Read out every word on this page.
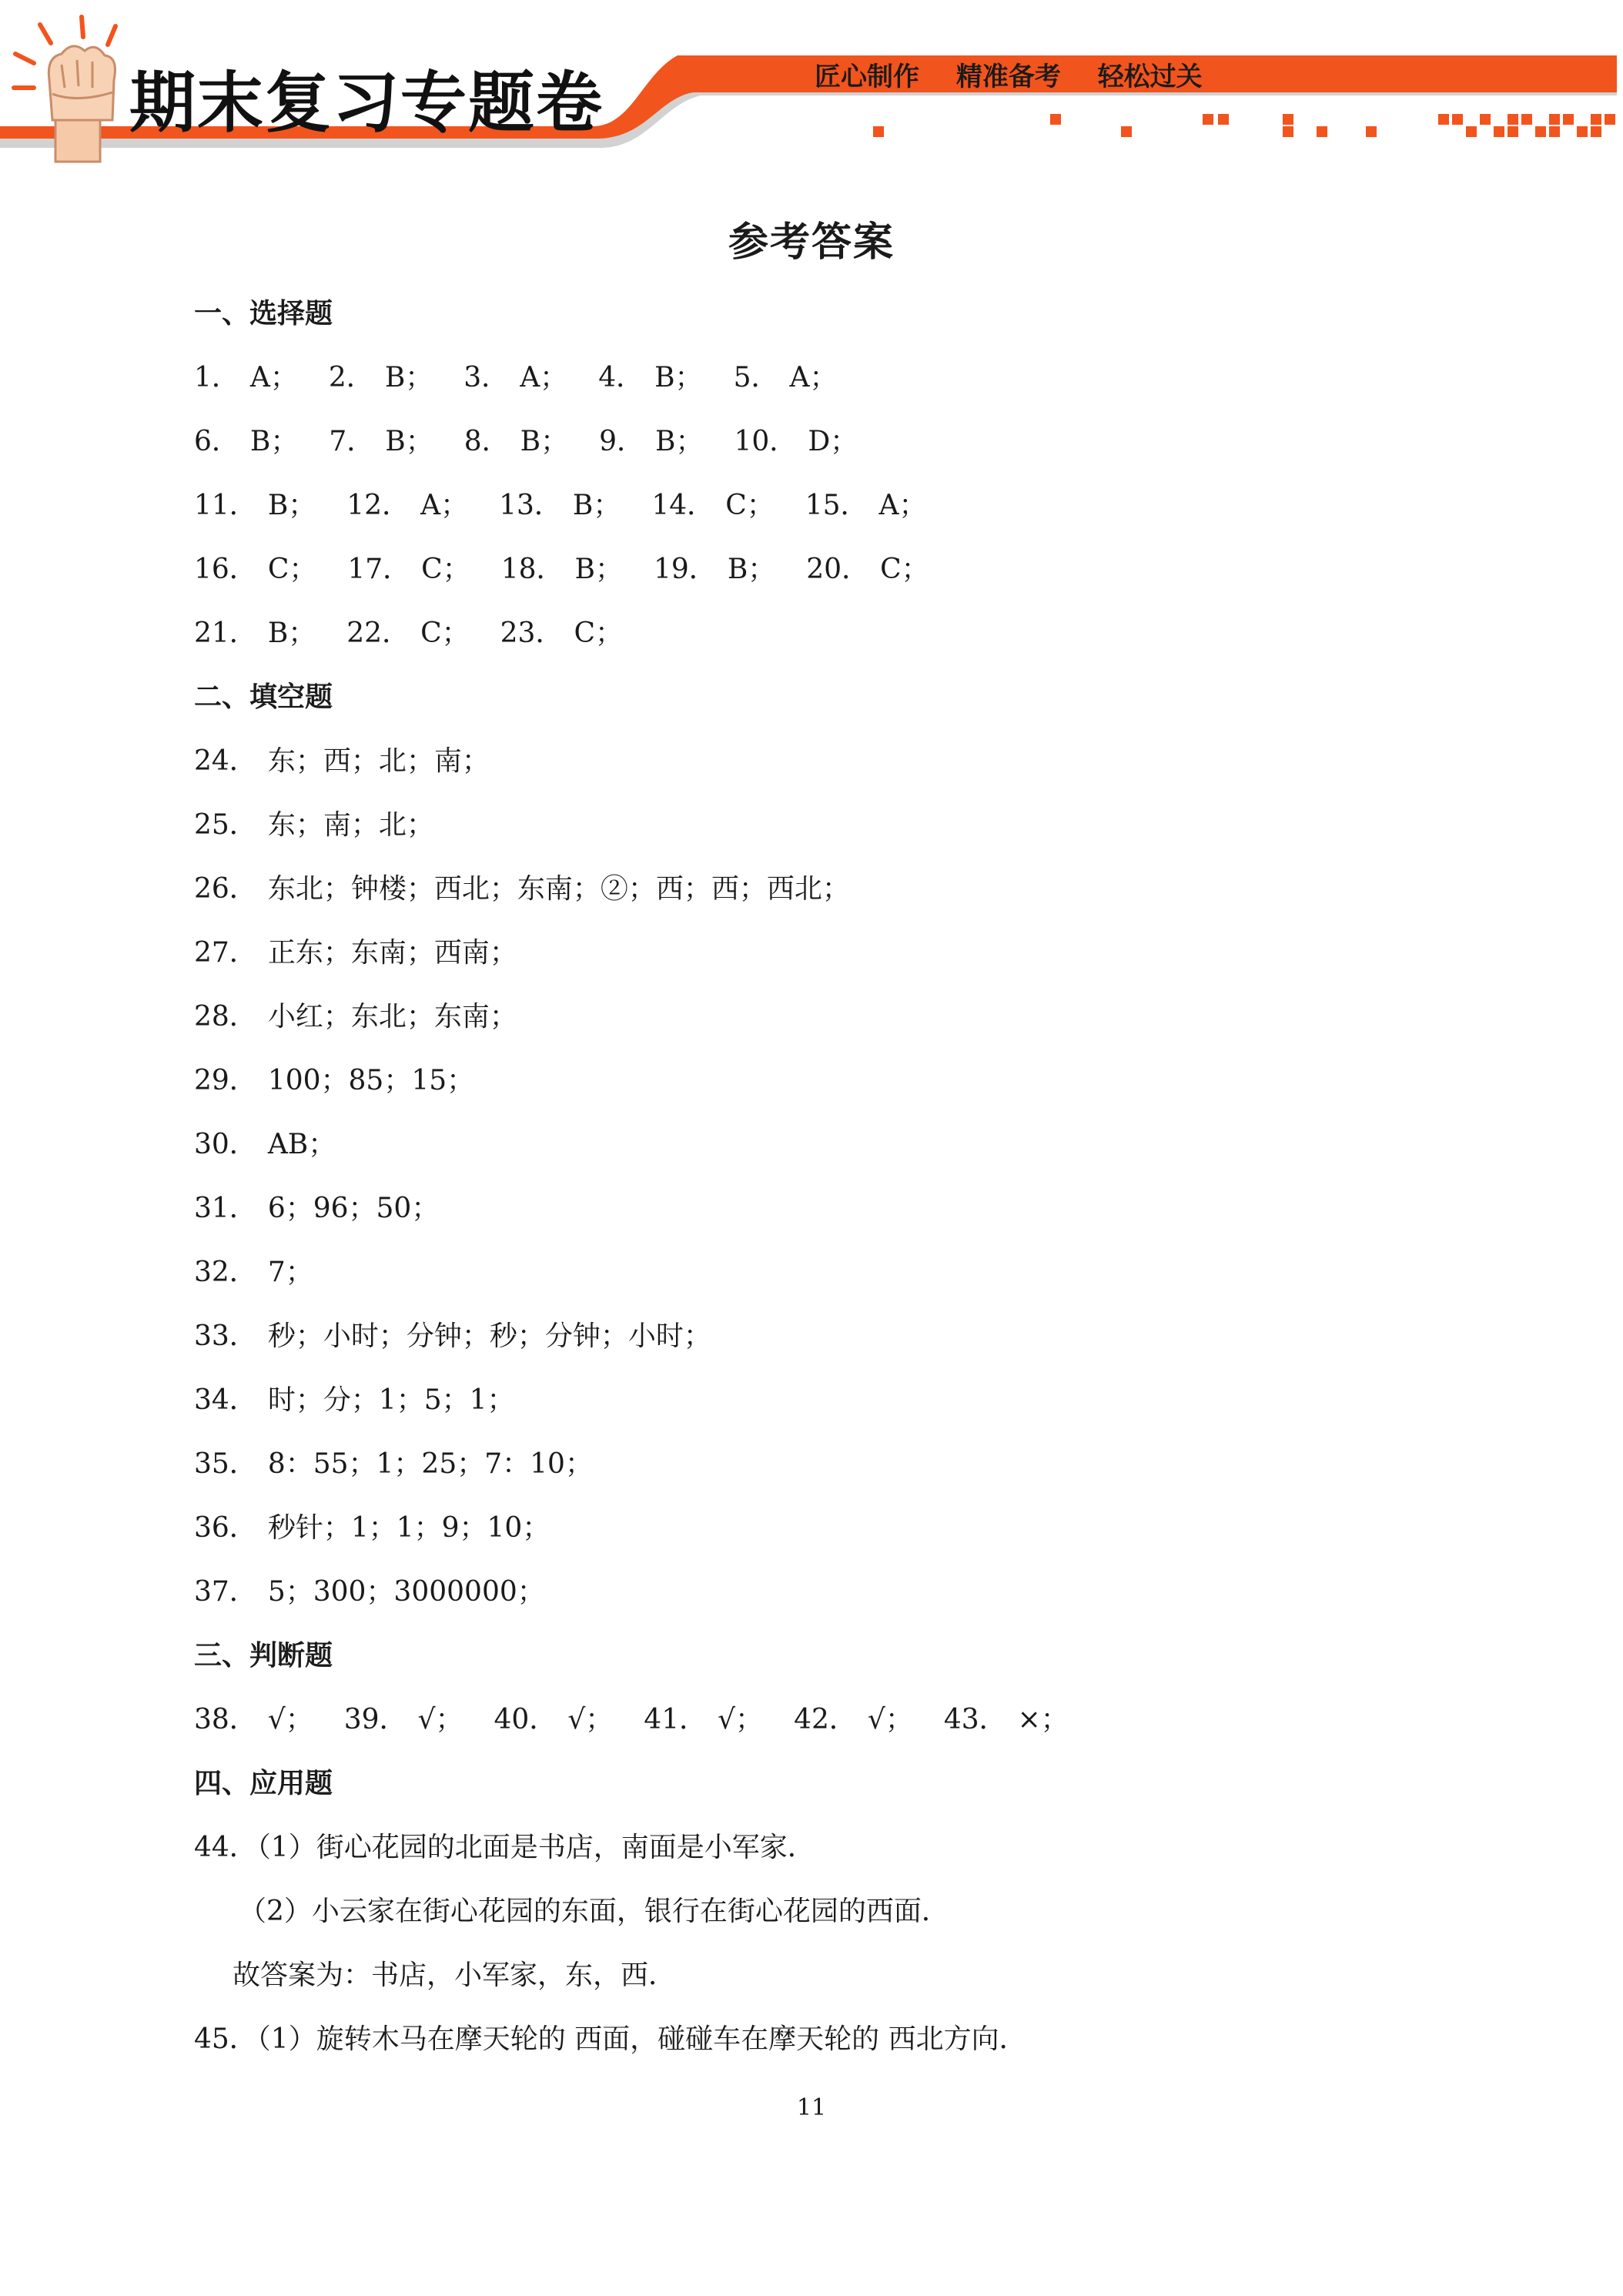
期末复习专题卷	匠心制作 精准备考 轻松过关
参考答案
一、选择题
1． A； 2． B； 3． A； 4． B； 5． A；
6． B； 7． B； 8． B； 9． B； 10． D；
11． B； 12． A； 13． B； 14． C； 15． A；
16． C； 17． C； 18． B； 19． B； 20． C；
21． B； 22． C； 23． C；
二、填空题
24． 东；西；北；南；
25． 东；南；北；
26． 东北；钟楼；西北；东南；②；西；西；西北；
27． 正东；东南；西南；
28． 小红；东北；东南；
29． 100；85；15；
30． AB；
31． 6；96；50；
32． 7；
33． 秒；小时；分钟；秒；分钟；小时；
34． 时；分；1；5；1；
35． 8：55；1；25；7：10；
36． 秒针；1；1；9；10；
37． 5；300；3000000；
三、判断题
38． √； 39． √； 40． √； 41． √； 42． √； 43． ×；
四、应用题
44．（1）街心花园的北面是书店，南面是小军家．
（2）小云家在街心花园的东面，银行在街心花园的西面．
故答案为：书店，小军家，东，西．
45．（1）旋转木马在摩天轮的 西面，碰碰车在摩天轮的 西北方向．
11
